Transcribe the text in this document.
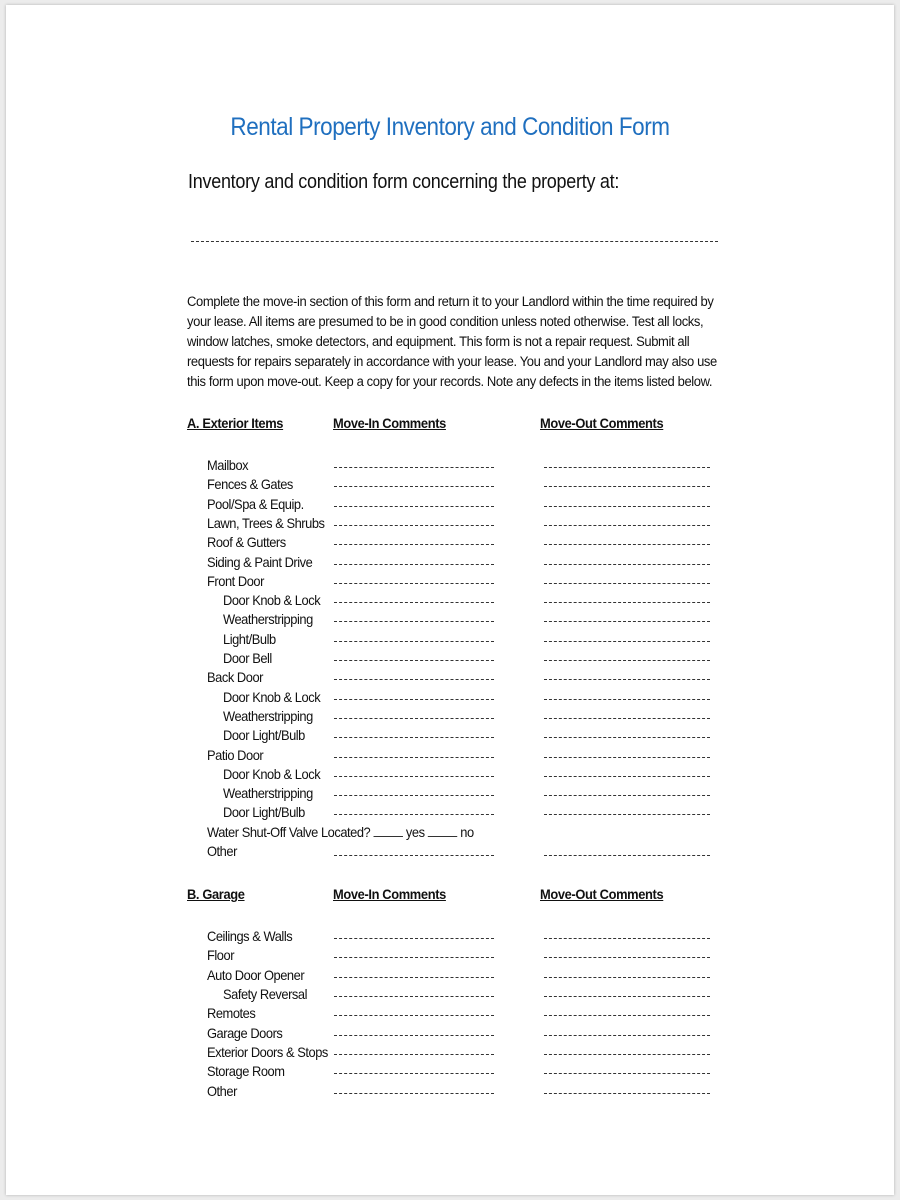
Rental Property Inventory and Condition Form
Inventory and condition form concerning the property at:
Complete the move-in section of this form and return it to your Landlord within the time required by your lease. All items are presumed to be in good condition unless noted otherwise. Test all locks, window latches, smoke detectors, and equipment. This form is not a repair request. Submit all requests for repairs separately in accordance with your lease. You and your Landlord may also use this form upon move-out. Keep a copy for your records. Note any defects in the items listed below.
A. Exterior Items	Move-In Comments	Move-Out Comments
Mailbox
Fences & Gates
Pool/Spa & Equip.
Lawn, Trees & Shrubs
Roof & Gutters
Siding & Paint Drive
Front Door
Door Knob & Lock
Weatherstripping
Light/Bulb
Door Bell
Back Door
Door Knob & Lock
Weatherstripping
Door Light/Bulb
Patio Door
Door Knob & Lock
Weatherstripping
Door Light/Bulb
Water Shut-Off Valve Located?	yes	no
Other
B. Garage	Move-In Comments	Move-Out Comments
Ceilings & Walls
Floor
Auto Door Opener
Safety Reversal
Remotes
Garage Doors
Exterior Doors & Stops
Storage Room
Other
